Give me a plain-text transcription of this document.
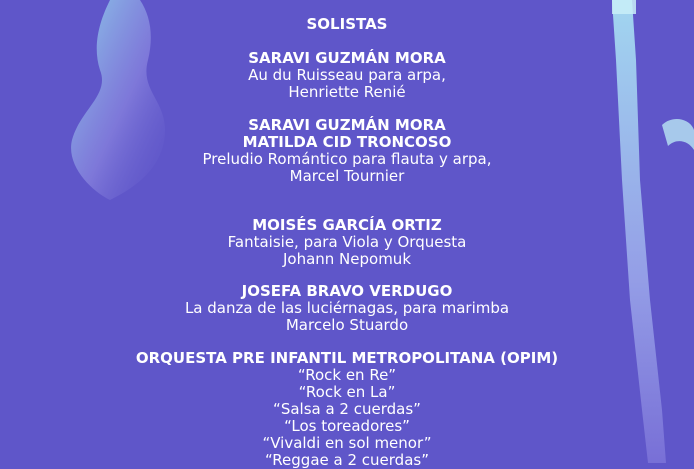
SOLISTAS
SARAVI GUZMÁN MORA
Au du Ruisseau para arpa,
Henriette Renié
SARAVI GUZMÁN MORA
MATILDA CID TRONCOSO
Preludio Romántico para flauta y arpa,
Marcel Tournier
MOISÉS GARCÍA ORTIZ
Fantaisie, para Viola y Orquesta
Johann Nepomuk
JOSEFA BRAVO VERDUGO
La danza de las luciérnagas, para marimba
Marcelo Stuardo
ORQUESTA PRE INFANTIL METROPOLITANA (OPIM)
“Rock en Re”
“Rock en La”
“Salsa a 2 cuerdas”
“Los toreadores”
“Vivaldi en sol menor”
“Reggae a 2 cuerdas”
